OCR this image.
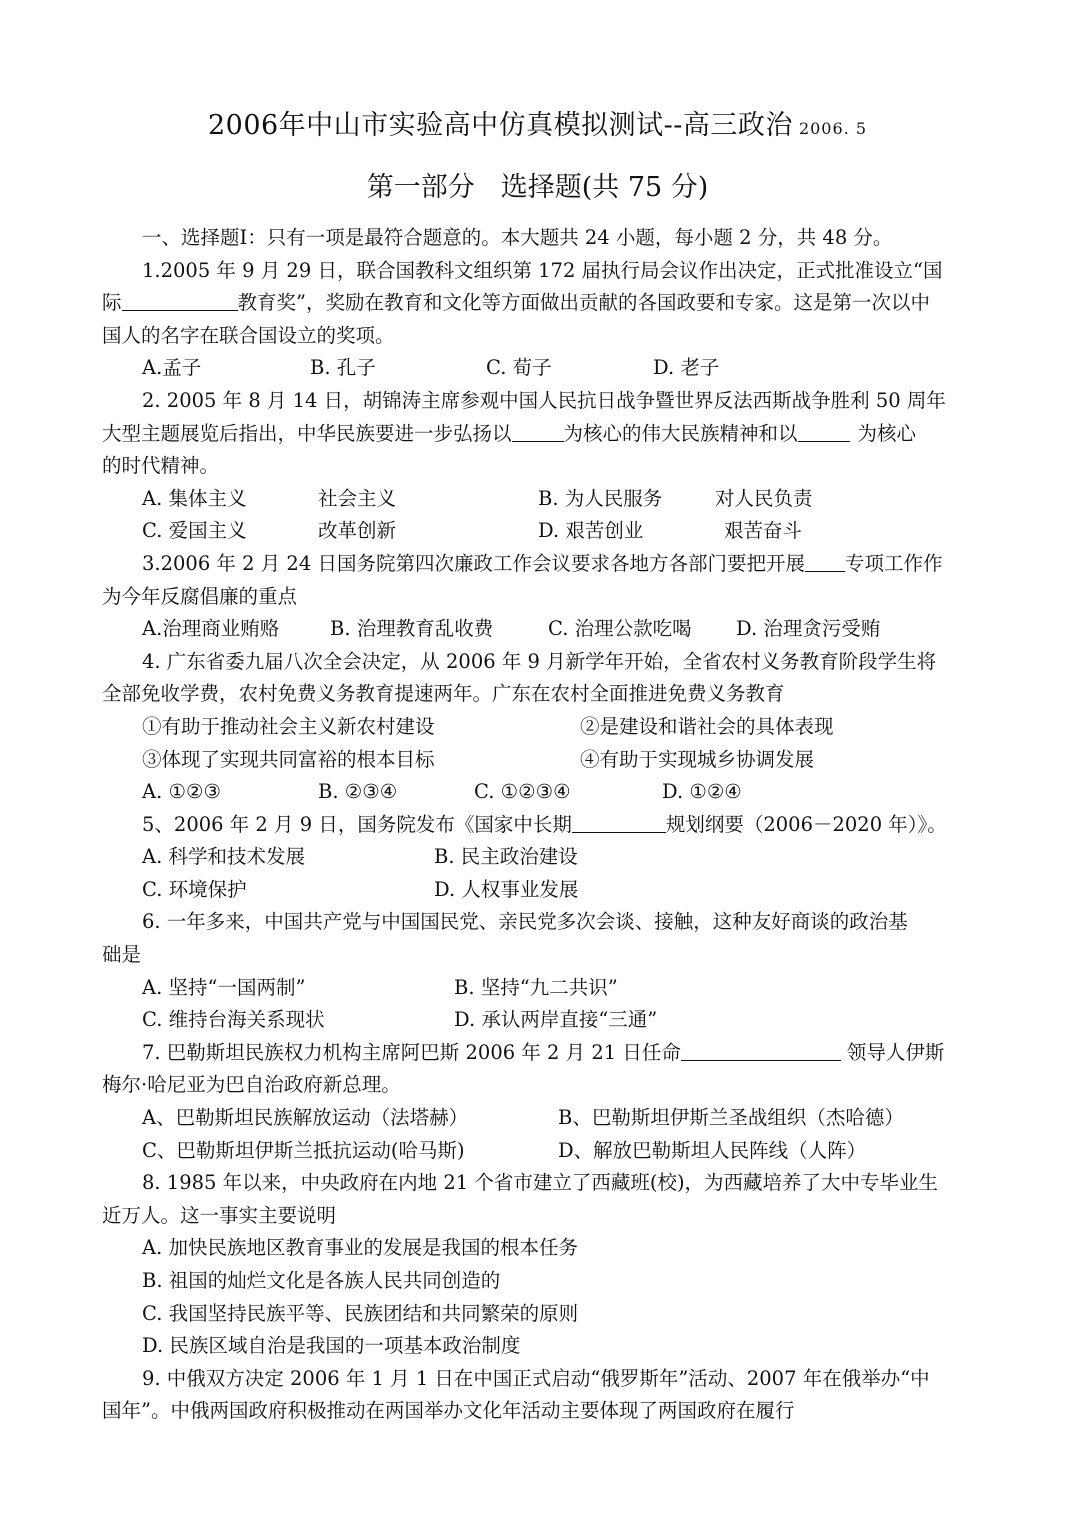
2006年中山市实验高中仿真模拟测试--高三政治 2006. 5
第一部分 选择题(共 75 分)
一、选择题Ⅰ：只有一项是最符合题意的。本大题共 24 小题，每小题 2 分，共 48 分。
1.2005 年 9 月 29 日，联合国教科文组织第 172 届执行局会议作出决定，正式批准设立“国
际	教育奖”，奖励在教育和文化等方面做出贡献的各国政要和专家。这是第一次以中
国人的名字在联合国设立的奖项。
A.孟子	B. 孔子	C. 荀子	D. 老子
2. 2005 年 8 月 14 日，胡锦涛主席参观中国人民抗日战争暨世界反法西斯战争胜利 50 周年
大型主题展览后指出，中华民族要进一步弘扬以	为核心的伟大民族精神和以	为核心
的时代精神。
A. 集体主义	社会主义	B. 为人民服务	对人民负责
C. 爱国主义	改革创新	D. 艰苦创业	艰苦奋斗
3.2006 年 2 月 24 日国务院第四次廉政工作会议要求各地方各部门要把开展 专项工作作
为今年反腐倡廉的重点
A.治理商业贿赂	B. 治理教育乱收费	C. 治理公款吃喝 D. 治理贪污受贿
4. 广东省委九届八次全会决定，从 2006 年 9 月新学年开始，全省农村义务教育阶段学生将
全部免收学费，农村免费义务教育提速两年。广东在农村全面推进免费义务教育
①有助于推动社会主义新农村建设	②是建设和谐社会的具体表现
③体现了实现共同富裕的根本目标	④有助于实现城乡协调发展
A. ①②③	B. ②③④	C. ①②③④	D. ①②④
5、2006 年 2 月 9 日，国务院发布《国家中长期	规划纲要（2006－2020 年）》。
A. 科学和技术发展	B. 民主政治建设
C. 环境保护	D. 人权事业发展
6. 一年多来，中国共产党与中国国民党、亲民党多次会谈、接触，这种友好商谈的政治基
础是
A. 坚持“一国两制”	B. 坚持“九二共识”
C. 维持台海关系现状	D. 承认两岸直接“三通”
7. 巴勒斯坦民族权力机构主席阿巴斯 2006 年 2 月 21 日任命	领导人伊斯
梅尔·哈尼亚为巴自治政府新总理。
A、巴勒斯坦民族解放运动（法塔赫）	B、巴勒斯坦伊斯兰圣战组织（杰哈德）
C、巴勒斯坦伊斯兰抵抗运动(哈马斯)	D、解放巴勒斯坦人民阵线（人阵）
8. 1985 年以来，中央政府在内地 21 个省市建立了西藏班(校)，为西藏培养了大中专毕业生
近万人。这一事实主要说明
A. 加快民族地区教育事业的发展是我国的根本任务
B. 祖国的灿烂文化是各族人民共同创造的
C. 我国坚持民族平等、民族团结和共同繁荣的原则
D. 民族区域自治是我国的一项基本政治制度
9. 中俄双方决定 2006 年 1 月 1 日在中国正式启动“俄罗斯年”活动、2007 年在俄举办“中
国年”。中俄两国政府积极推动在两国举办文化年活动主要体现了两国政府在履行
